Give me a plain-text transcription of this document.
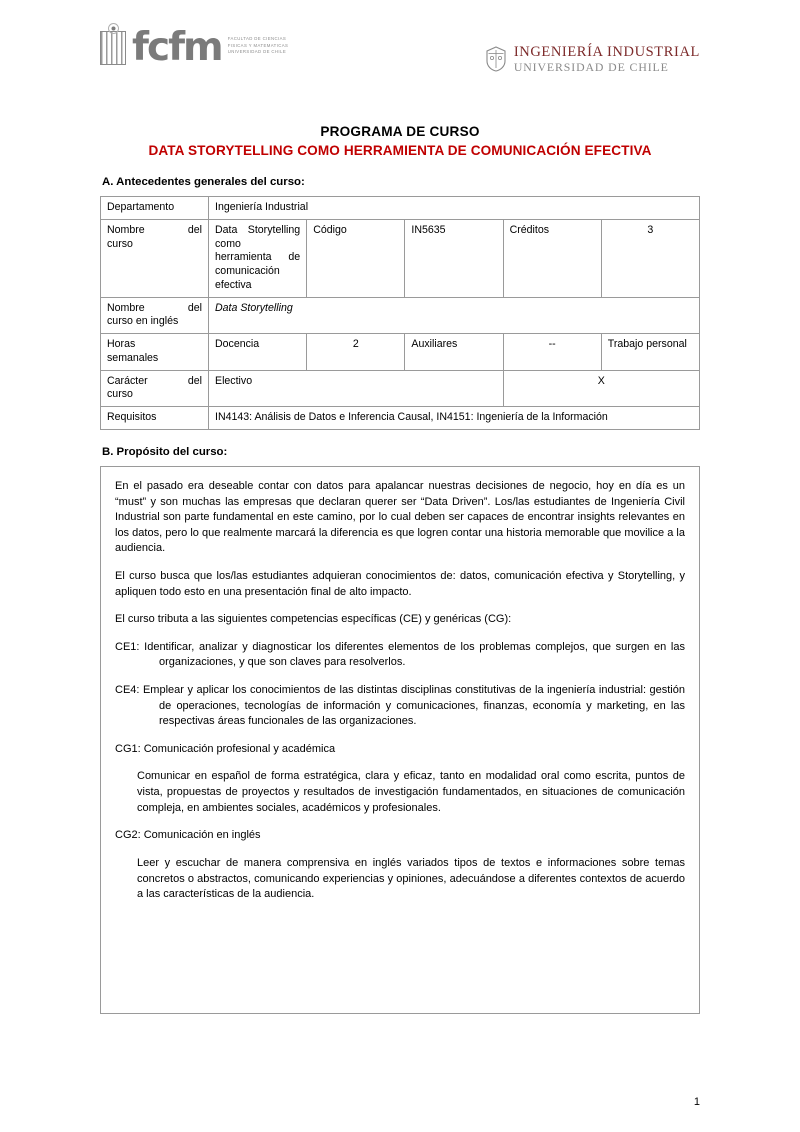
fcfm FACULTAD DE CIENCIAS
FISICAS Y MATEMATICAS
UNIVERSIDAD DE CHILE	INGENIERÍA INDUSTRIAL
UNIVERSIDAD DE CHILE
PROGRAMA DE CURSO
DATA STORYTELLING COMO HERRAMIENTA DE COMUNICACIÓN EFECTIVA
A. Antecedentes generales del curso:
Departamento	Ingeniería Industrial				

Nombre del
curso	Data Storytelling como herramienta de comunicación efectiva	Código	IN5635	Créditos	3

Nombre del
curso en inglés	Data Storytelling				

Horas
semanales	Docencia	2	Auxiliares	--	Trabajo personal

Carácter del
curso	Electivo			X	
Requisitos	IN4143: Análisis de Datos e Inferencia Causal, IN4151: Ingeniería de la Información				
B. Propósito del curso:

En el pasado era deseable contar con datos para apalancar nuestras decisiones de negocio, hoy en día es un “must” y son muchas las empresas que declaran querer ser “Data Driven”. Los/las estudiantes de Ingeniería Civil Industrial son parte fundamental en este camino, por lo cual deben ser capaces de encontrar insights relevantes en los datos, pero lo que realmente marcará la diferencia es que logren contar una historia memorable que movilice a la audiencia.

El curso busca que los/las estudiantes adquieran conocimientos de: datos, comunicación efectiva y Storytelling, y apliquen todo esto en una presentación final de alto impacto.

El curso tributa a las siguientes competencias específicas (CE) y genéricas (CG):

CE1: Identificar, analizar y diagnosticar los diferentes elementos de los problemas complejos, que surgen en las organizaciones, y que son claves para resolverlos.

CE4: Emplear y aplicar los conocimientos de las distintas disciplinas constitutivas de la ingeniería industrial: gestión de operaciones, tecnologías de información y comunicaciones, finanzas, economía y marketing, en las respectivas áreas funcionales de las organizaciones.

CG1: Comunicación profesional y académica

Comunicar en español de forma estratégica, clara y eficaz, tanto en modalidad oral como escrita, puntos de vista, propuestas de proyectos y resultados de investigación fundamentados, en situaciones de comunicación compleja, en ambientes sociales, académicos y profesionales.

CG2: Comunicación en inglés

Leer y escuchar de manera comprensiva en inglés variados tipos de textos e informaciones sobre temas concretos o abstractos, comunicando experiencias y opiniones, adecuándose a diferentes contextos de acuerdo a las características de la audiencia.

1
